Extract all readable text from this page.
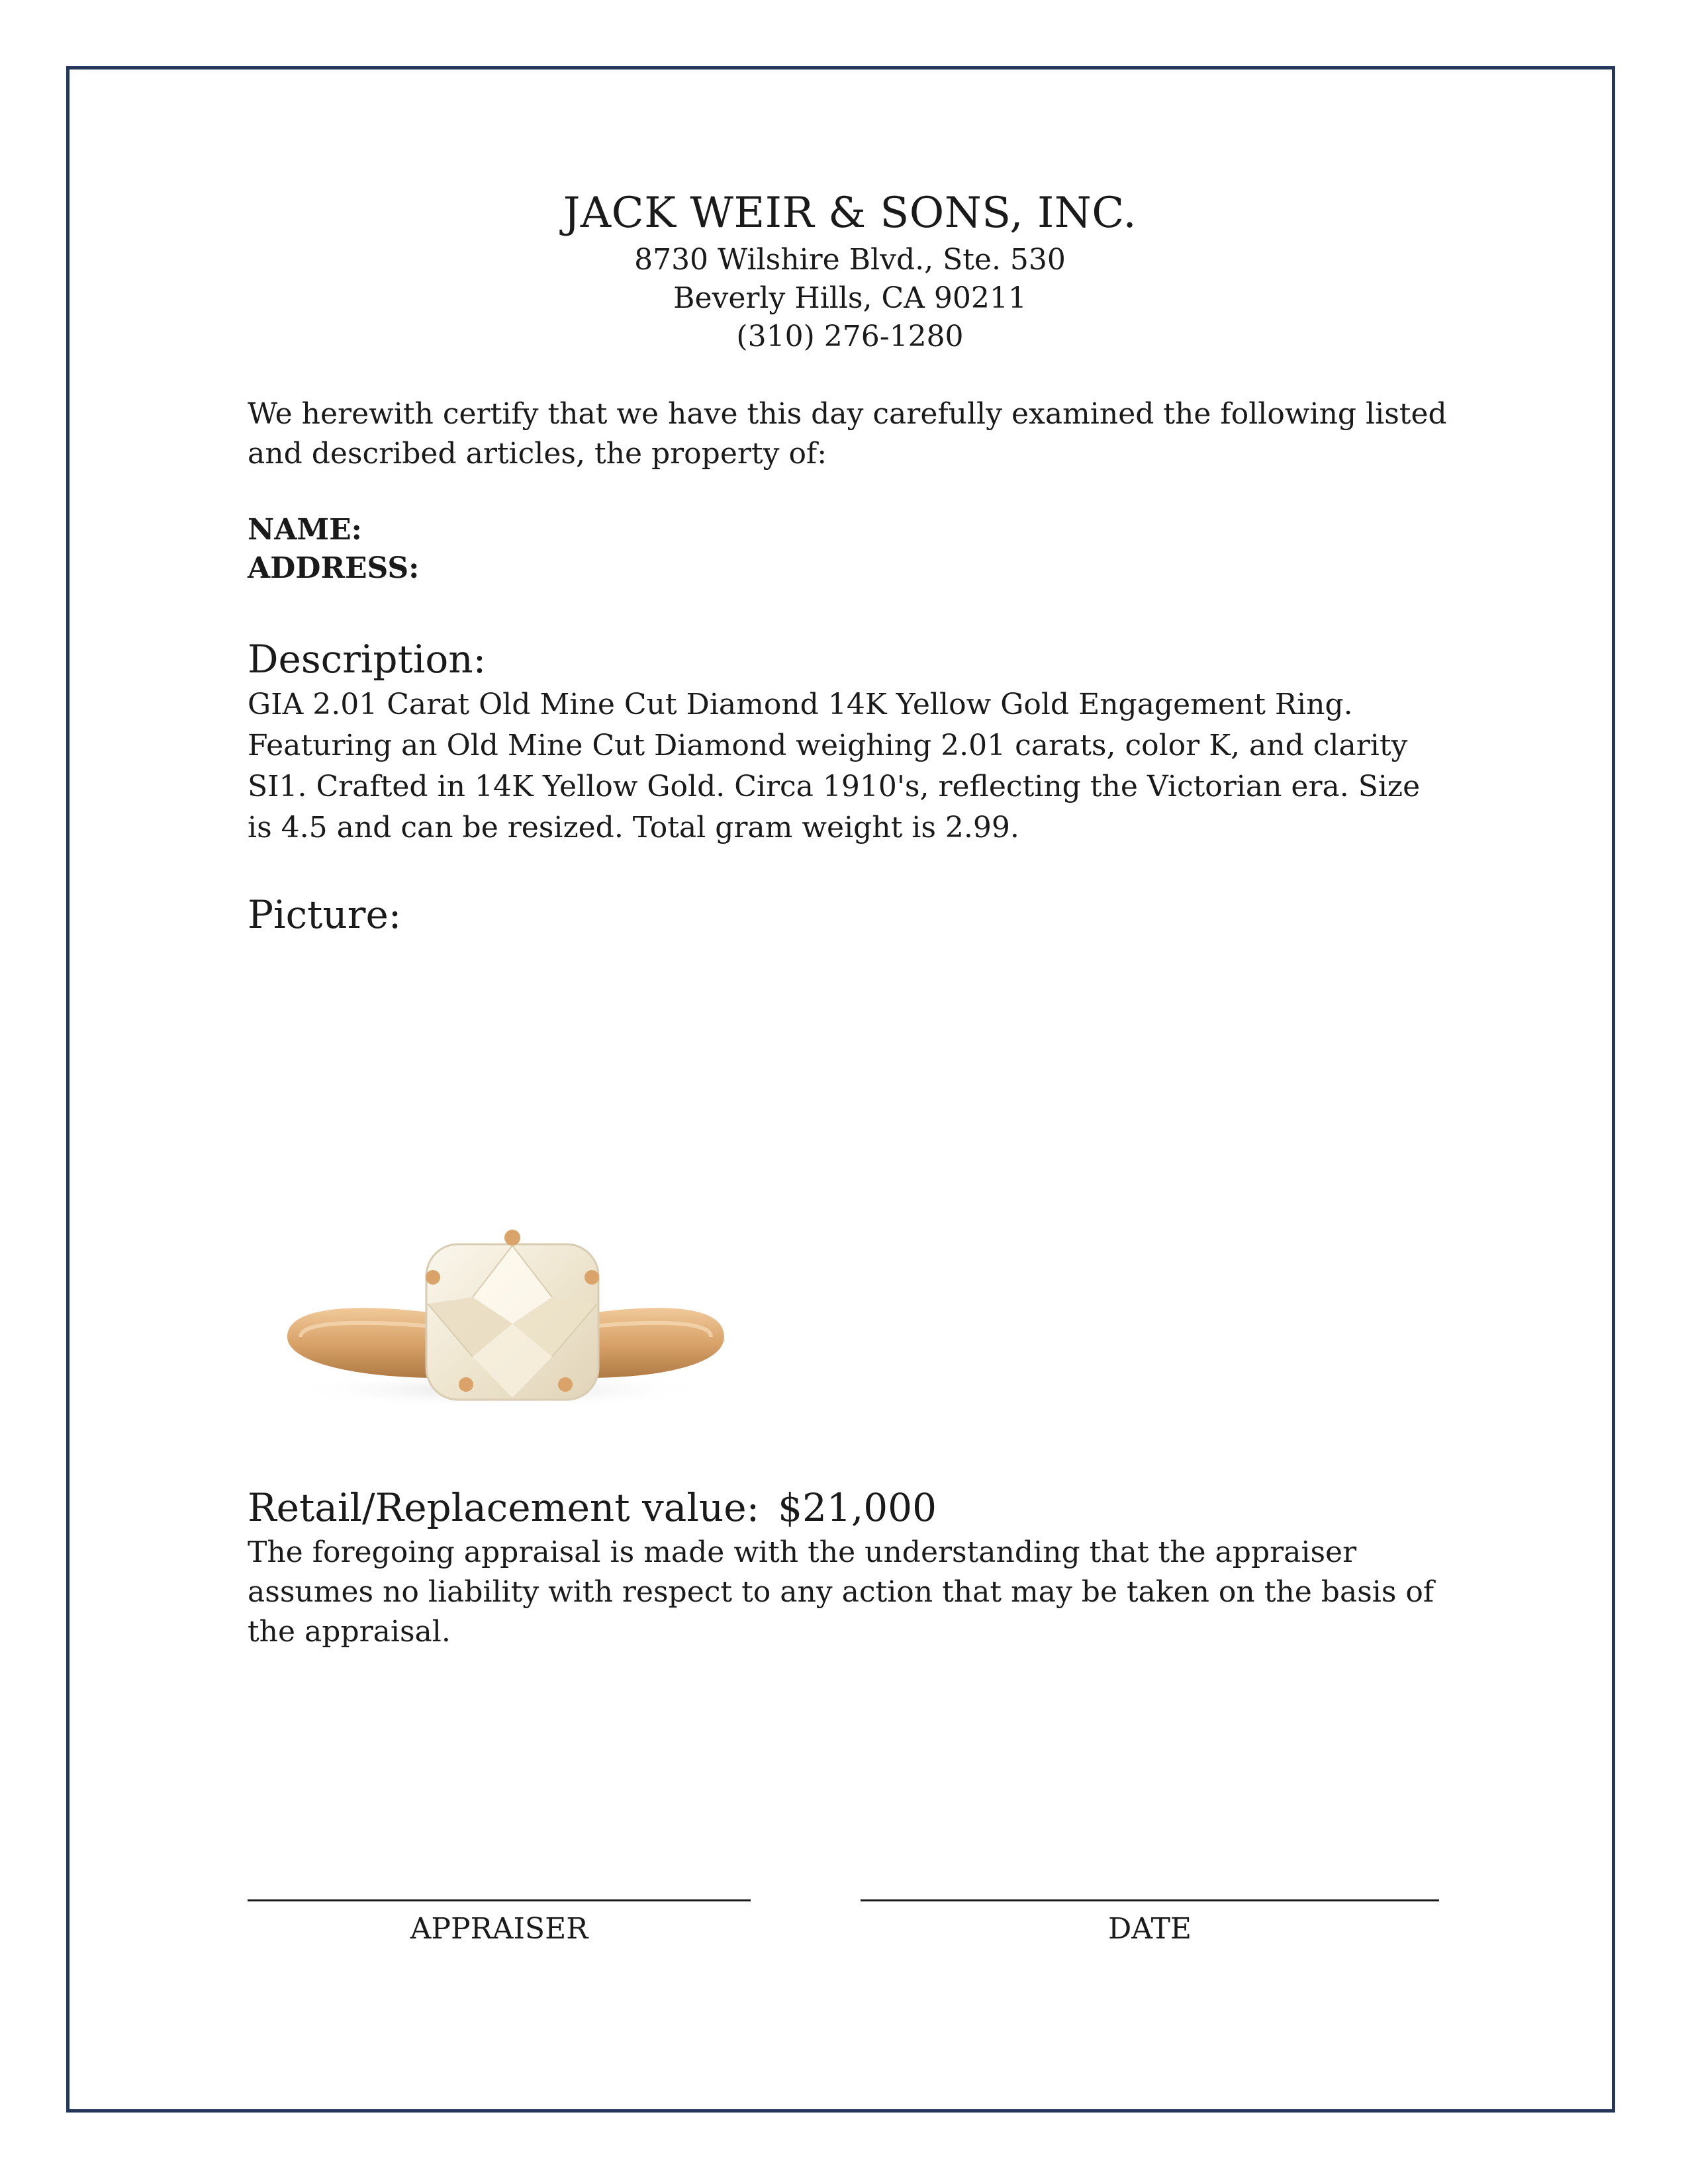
JACK WEIR & SONS, INC.
8730 Wilshire Blvd., Ste. 530
Beverly Hills, CA 90211
(310) 276-1280
We herewith certify that we have this day carefully examined the following listed and described articles, the property of:
NAME:
ADDRESS:
Description:
GIA 2.01 Carat Old Mine Cut Diamond 14K Yellow Gold Engagement Ring. Featuring an Old Mine Cut Diamond weighing 2.01 carats, color K, and clarity SI1. Crafted in 14K Yellow Gold. Circa 1910's, reflecting the Victorian era. Size is 4.5 and can be resized. Total gram weight is 2.99.
Picture:
Retail/Replacement value: $21,000
The foregoing appraisal is made with the understanding that the appraiser assumes no liability with respect to any action that may be taken on the basis of the appraisal.
APPRAISER	DATE
